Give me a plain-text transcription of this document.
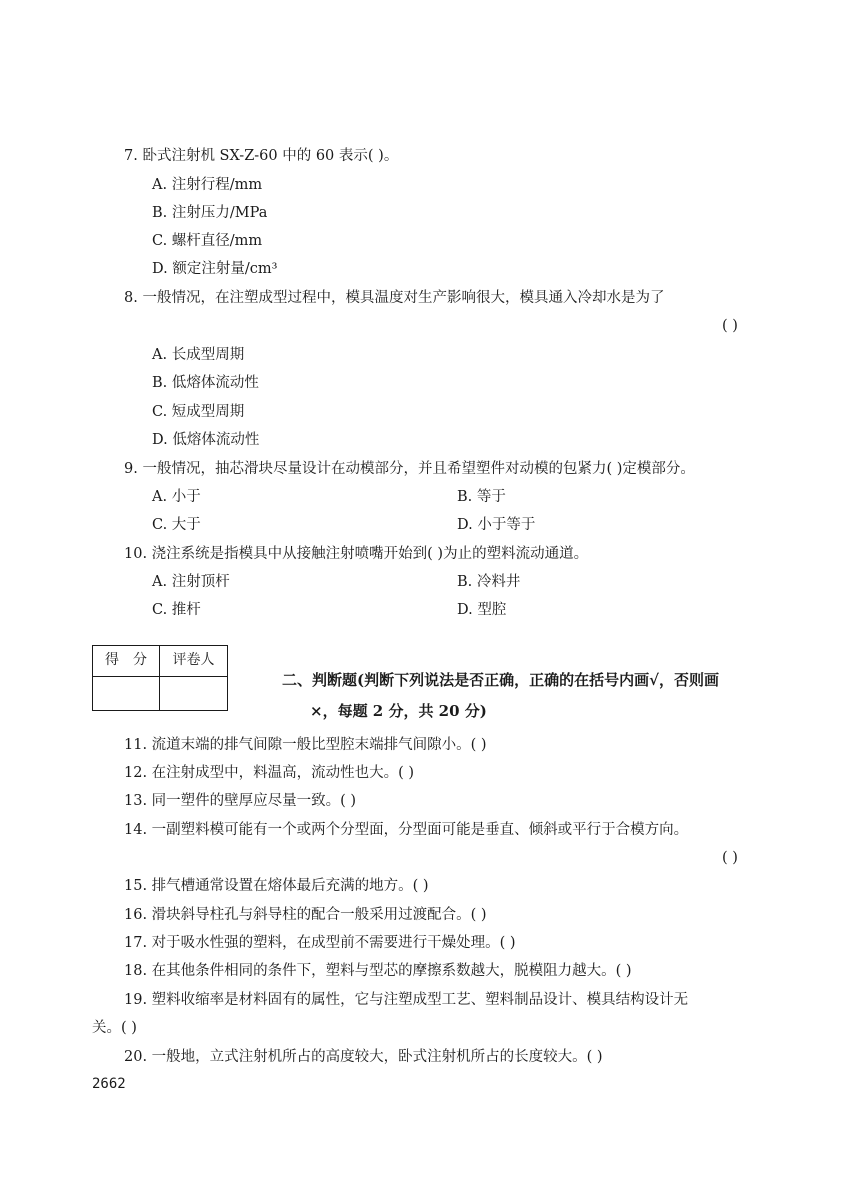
7. 卧式注射机 SX-Z-60 中的 60 表示( )。
A. 注射行程/mm
B. 注射压力/MPa
C. 螺杆直径/mm
D. 额定注射量/cm³
8. 一般情况，在注塑成型过程中，模具温度对生产影响很大，模具通入冷却水是为了
( )
A. 长成型周期
B. 低熔体流动性
C. 短成型周期
D. 低熔体流动性
9. 一般情况，抽芯滑块尽量设计在动模部分，并且希望塑件对动模的包紧力( )定模部分。
A. 小于	B. 等于
C. 大于	D. 小于等于
10. 浇注系统是指模具中从接触注射喷嘴开始到( )为止的塑料流动通道。
A. 注射顶杆	B. 冷料井
C. 推杆	D. 型腔
得　分	评卷人
二、判断题(判断下列说法是否正确，正确的在括号内画√，否则画
×，每题 2 分，共 20 分)
11. 流道末端的排气间隙一般比型腔末端排气间隙小。( )
12. 在注射成型中，料温高，流动性也大。( )
13. 同一塑件的壁厚应尽量一致。( )
14. 一副塑料模可能有一个或两个分型面，分型面可能是垂直、倾斜或平行于合模方向。
( )
15. 排气槽通常设置在熔体最后充满的地方。( )
16. 滑块斜导柱孔与斜导柱的配合一般采用过渡配合。( )
17. 对于吸水性强的塑料，在成型前不需要进行干燥处理。( )
18. 在其他条件相同的条件下，塑料与型芯的摩擦系数越大，脱模阻力越大。( )
19. 塑料收缩率是材料固有的属性，它与注塑成型工艺、塑料制品设计、模具结构设计无
关。( )
20. 一般地，立式注射机所占的高度较大，卧式注射机所占的长度较大。( )
2662
